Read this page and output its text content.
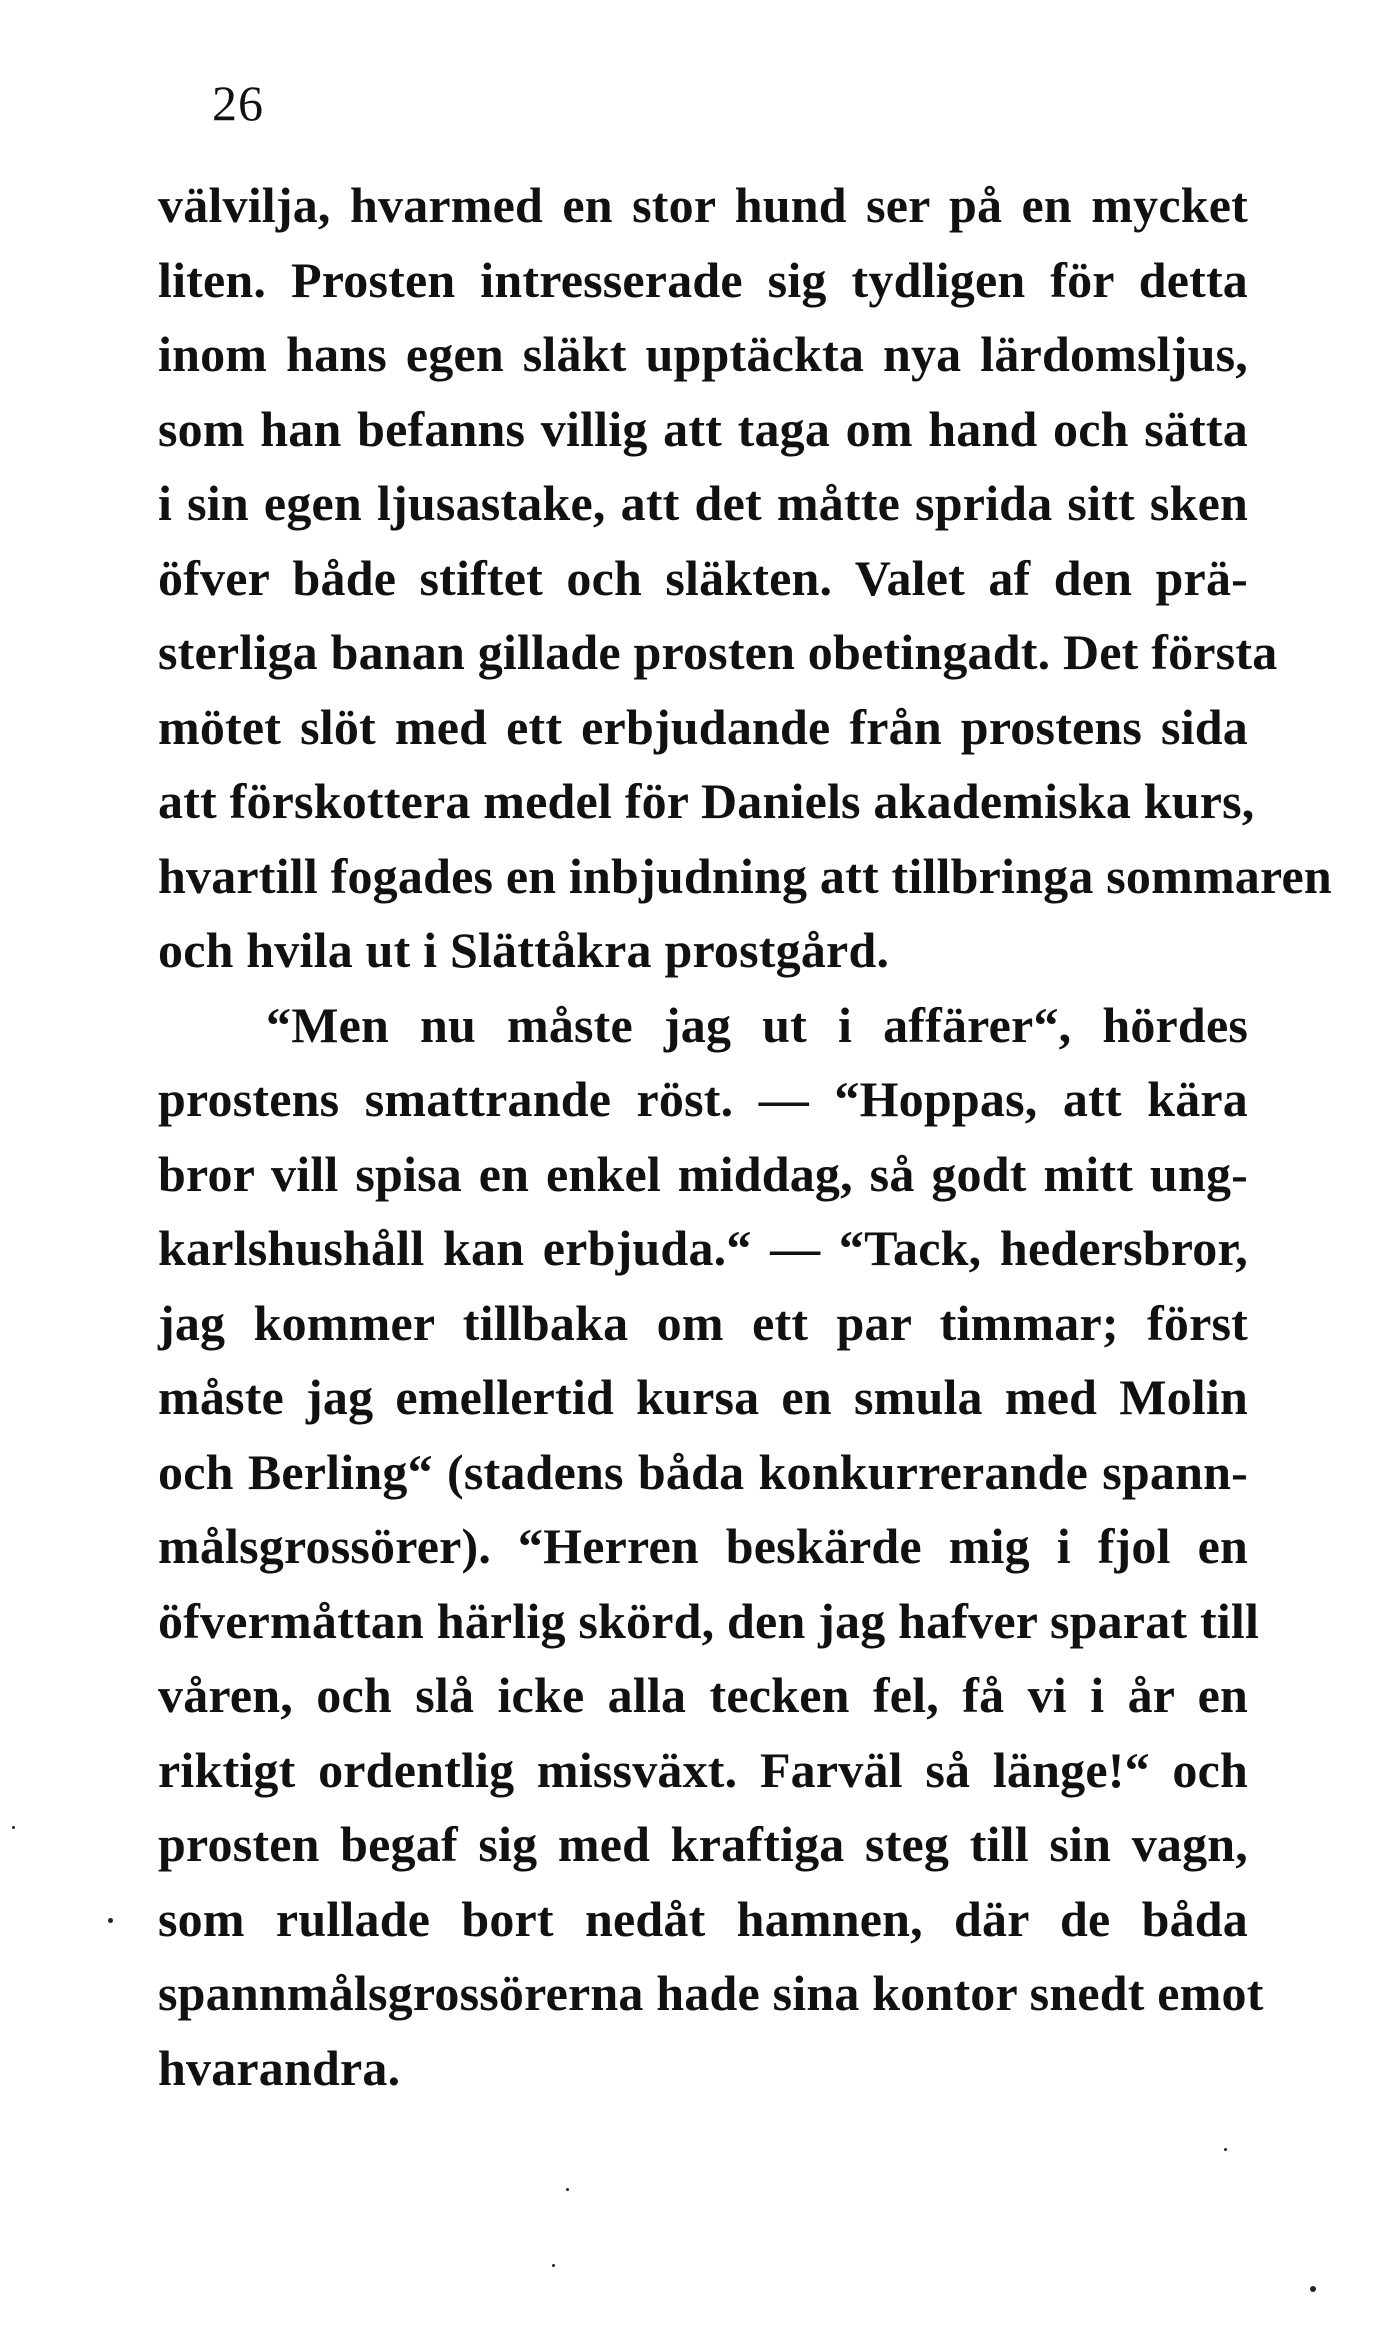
26
välvilja, hvarmed en stor hund ser på en mycket
liten. Prosten intresserade sig tydligen för detta
inom hans egen släkt upptäckta nya lärdomsljus,
som han befanns villig att taga om hand och sätta
i sin egen ljusastake, att det måtte sprida sitt sken
öfver både stiftet och släkten. Valet af den prä-
sterliga banan gillade prosten obetingadt. Det första
mötet slöt med ett erbjudande från prostens sida
att förskottera medel för Daniels akademiska kurs,
hvartill fogades en inbjudning att tillbringa sommaren
och hvila ut i Slättåkra prostgård.
“Men nu måste jag ut i affärer“, hördes
prostens smattrande röst. — “Hoppas, att kära
bror vill spisa en enkel middag, så godt mitt ung-
karlshushåll kan erbjuda.“ — “Tack, hedersbror,
jag kommer tillbaka om ett par timmar; först
måste jag emellertid kursa en smula med Molin
och Berling“ (stadens båda konkurrerande spann-
målsgrossörer). “Herren beskärde mig i fjol en
öfvermåttan härlig skörd, den jag hafver sparat till
våren, och slå icke alla tecken fel, få vi i år en
riktigt ordentlig missväxt. Farväl så länge!“ och
prosten begaf sig med kraftiga steg till sin vagn,
som rullade bort nedåt hamnen, där de båda
spannmålsgrossörerna hade sina kontor snedt emot
hvarandra.
